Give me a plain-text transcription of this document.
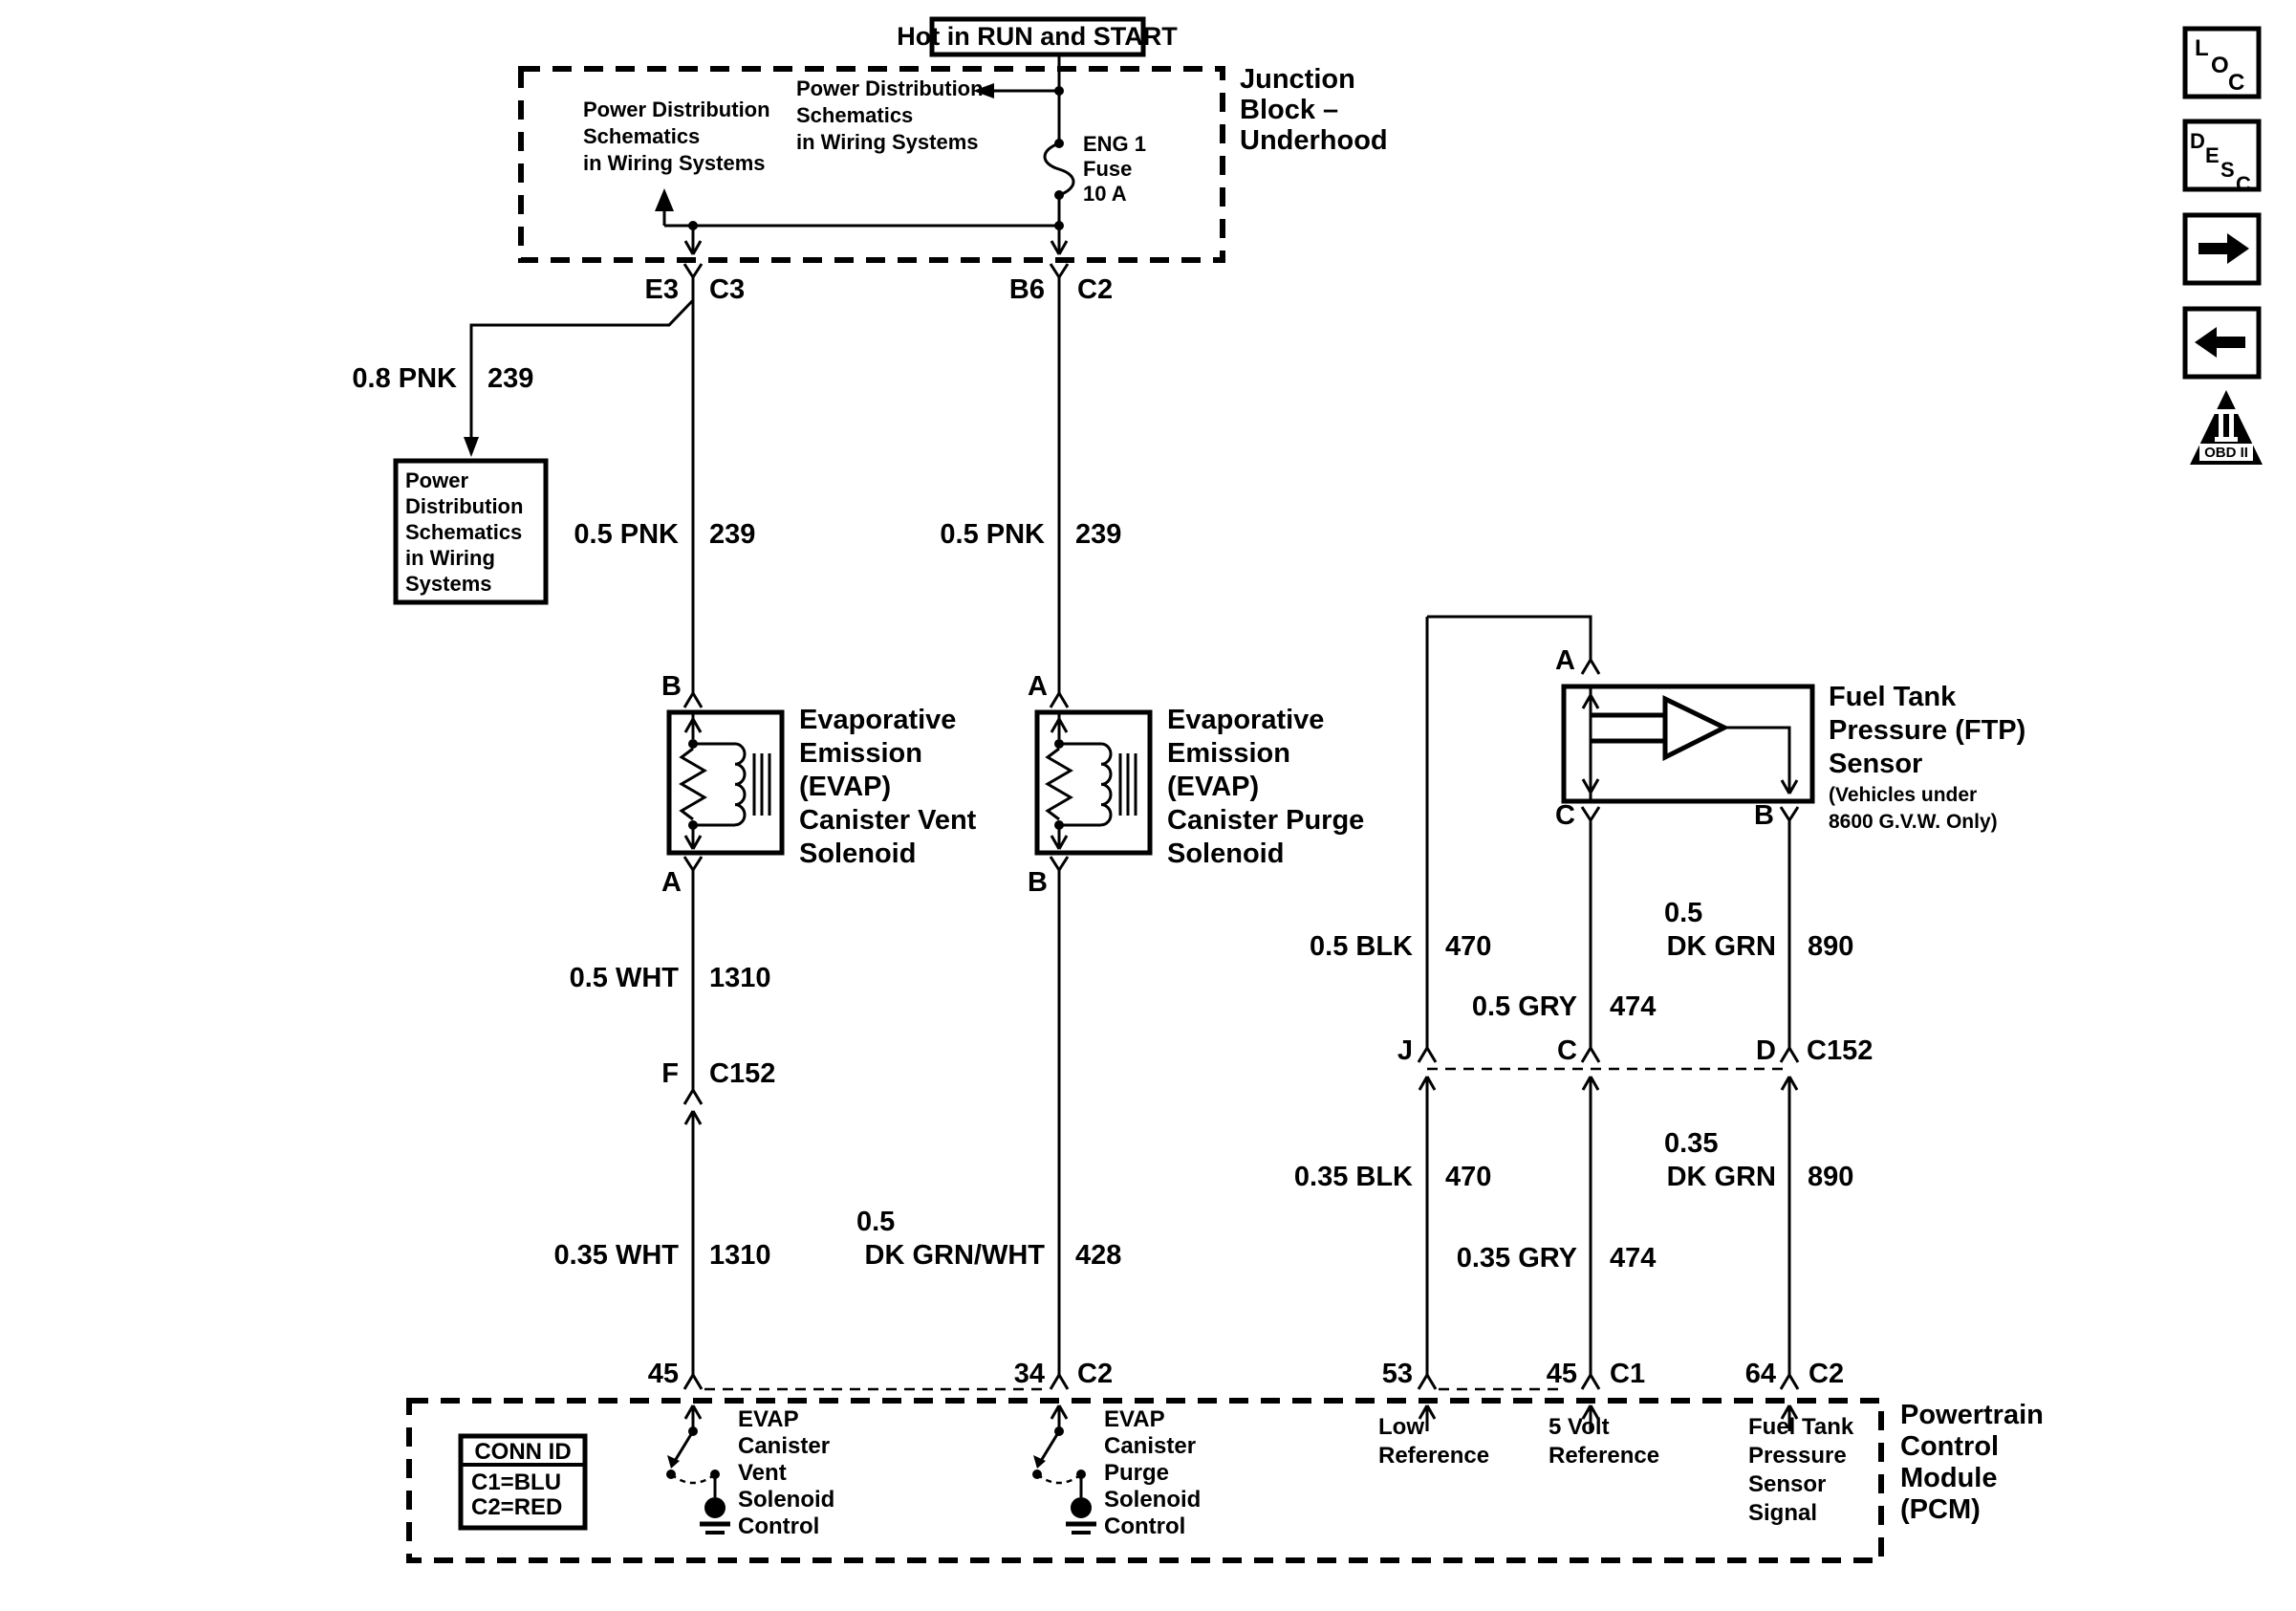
Junction
Block –
Underhood
Hot in RUN and START
Power Distribution
Schematics
in Wiring Systems	ENG 1
Fuse
10 A
Power Distribution
Schematics
in Wiring Systems
E3 C3	B6 C2
0.8 PNK 239
Power
Distribution
Schematics
in Wiring
Systems
0.5 PNK 239
B
Evaporative
Emission
(EVAP)
Canister Vent
Solenoid
A
0.5 WHT 1310
F C152
0.35 WHT 1310
0.5 PNK 239
A
Evaporative
Emission
(EVAP)
Canister Purge
Solenoid
B
0.5
DK GRN/WHT 428
A
Fuel Tank
Pressure (FTP)
Sensor
(Vehicles under
8600 G.V.W. Only)
C	B
0.5 BLK 470
0.5
DK GRN 890
0.5 GRY 474
J	C	D C152
0.35 BLK 470
0.35
DK GRN 890
0.35 GRY 474
45	34 C2	53	45 C1	64 C2
Powertrain
Control
Module
(PCM)
EVAP
Canister
Vent
Solenoid
Control
EVAP
Canister
Purge
Solenoid
Control
Low
Reference
5 Volt
Reference
Fuel Tank
Pressure
Sensor
Signal
CONN ID
C1=BLU
C2=RED
L
O
C
D
E
S
C
OBD II
